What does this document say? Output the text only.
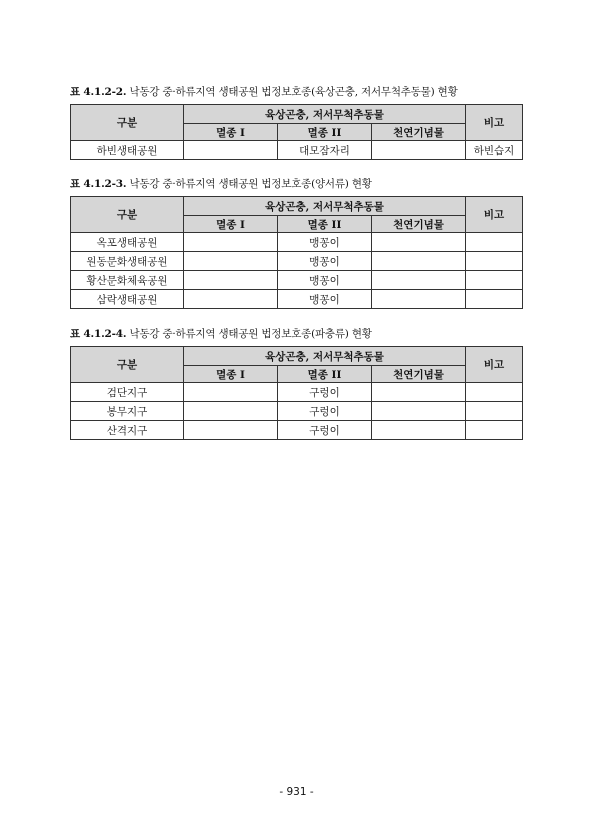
표 4.1.2-2. 낙동강 중·하류지역 생태공원 법정보호종(육상곤충, 저서무척추동물) 현황
구분	육상곤충, 저서무척추동물			비고
	멸종 I	멸종 II	천연기념물	
하빈생태공원		대모잠자리		하빈습지
표 4.1.2-3. 낙동강 중·하류지역 생태공원 법정보호종(양서류) 현황
구분	육상곤충, 저서무척추동물			비고
	멸종 I	멸종 II	천연기념물	
옥포생태공원		맹꽁이		
원동문화생태공원		맹꽁이		
황산문화체육공원		맹꽁이		
삼락생태공원		맹꽁이		
표 4.1.2-4. 낙동강 중·하류지역 생태공원 법정보호종(파충류) 현황
구분	육상곤충, 저서무척추동물			비고
	멸종 I	멸종 II	천연기념물	
검단지구		구렁이		
봉무지구		구렁이		
산격지구		구렁이		
- 931 -
